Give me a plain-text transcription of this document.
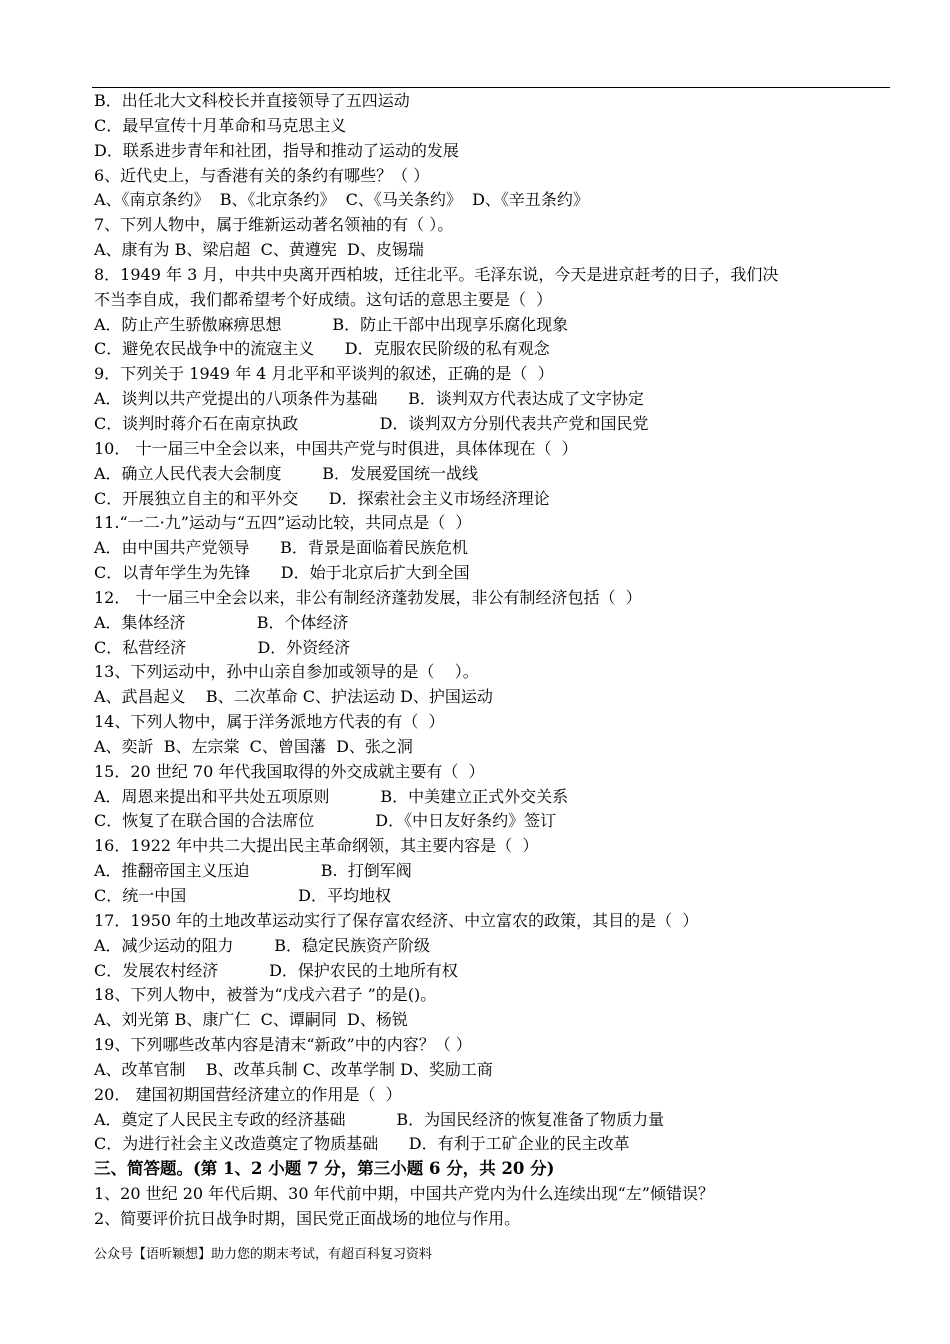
B．出任北大文科校长并直接领导了五四运动
C．最早宣传十月革命和马克思主义
D．联系进步青年和社团，指导和推动了运动的发展
6、近代史上，与香港有关的条约有哪些？（ ）
A、《南京条约》  B、《北京条约》  C、《马关条约》  D、《辛丑条约》
7、下列人物中，属于维新运动著名领袖的有（ ）。
A、康有为 B、梁启超  C、黄遵宪  D、皮锡瑞
8．1949 年 3 月，中共中央离开西柏坡，迁往北平。毛泽东说，今天是进京赶考的日子，我们决
不当李自成，我们都希望考个好成绩。这句话的意思主要是（  ）
A．防止产生骄傲麻痹思想          B．防止干部中出现享乐腐化现象
C．避免农民战争中的流寇主义      D．克服农民阶级的私有观念
9．下列关于 1949 年 4 月北平和平谈判的叙述，正确的是（  ）
A．谈判以共产党提出的八项条件为基础      B．谈判双方代表达成了文字协定
C．谈判时蒋介石在南京执政                D．谈判双方分别代表共产党和国民党
10． 十一届三中全会以来，中国共产党与时俱进，具体体现在（  ）
A．确立人民代表大会制度        B．发展爱国统一战线
C．开展独立自主的和平外交      D．探索社会主义市场经济理论
11.“一二·九”运动与“五四”运动比较，共同点是（  ）
A．由中国共产党领导      B．背景是面临着民族危机
C．以青年学生为先锋      D．始于北京后扩大到全国
12． 十一届三中全会以来，非公有制经济蓬勃发展，非公有制经济包括（  ）
A．集体经济              B．个体经济
C．私营经济              D．外资经济
13、下列运动中，孙中山亲自参加或领导的是（    ）。
A、武昌起义    B、二次革命 C、护法运动 D、护国运动
14、下列人物中，属于洋务派地方代表的有（  ）
A、奕訢  B、左宗棠  C、曾国藩  D、张之洞
15．20 世纪 70 年代我国取得的外交成就主要有（  ）
A．周恩来提出和平共处五项原则          B．中美建立正式外交关系
C．恢复了在联合国的合法席位            D．《中日友好条约》签订
16．1922 年中共二大提出民主革命纲领，其主要内容是（  ）
A．推翻帝国主义压迫              B.  打倒军阀
C．统一中国                      D．平均地权
17．1950 年的土地改革运动实行了保存富农经济、中立富农的政策，其目的是（  ）
A．减少运动的阻力        B．稳定民族资产阶级
C．发展农村经济          D．保护农民的土地所有权
18、下列人物中，被誉为“戊戌六君子 ”的是()。
A、刘光第 B、康广仁  C、谭嗣同  D、杨锐
19、下列哪些改革内容是清末“新政”中的内容？（ ）
A、改革官制    B、改革兵制 C、改革学制 D、奖励工商
20． 建国初期国营经济建立的作用是（  ）
A．奠定了人民民主专政的经济基础          B．为国民经济的恢复准备了物质力量
C．为进行社会主义改造奠定了物质基础      D．有利于工矿企业的民主改革
三、简答题。(第 1、2 小题 7 分，第三小题 6 分，共 20 分)
1、20 世纪 20 年代后期、30 年代前中期，中国共产党内为什么连续出现“左”倾错误？
2、简要评价抗日战争时期，国民党正面战场的地位与作用。
公众号【语听颖想】助力您的期末考试，有超百科复习资料
